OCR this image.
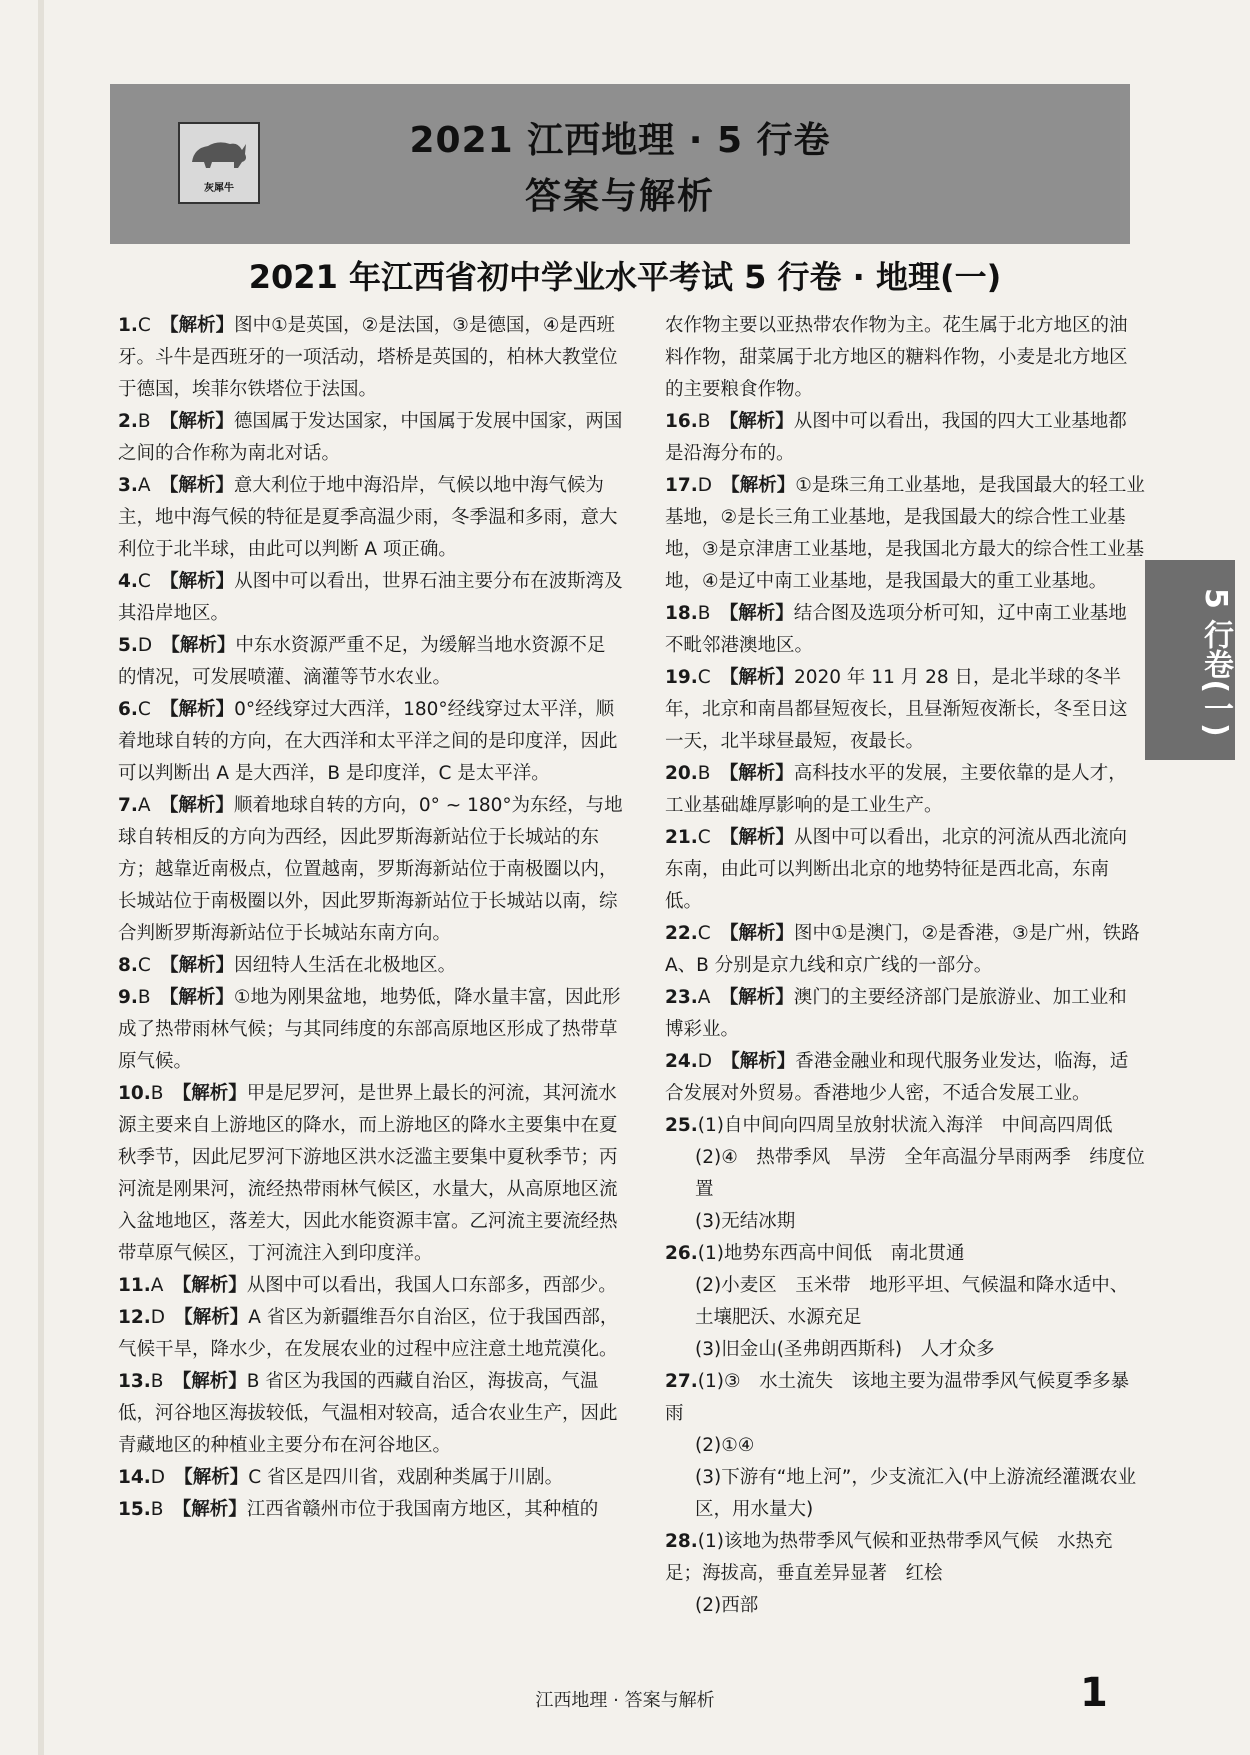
2021 江西地理 · 5 行卷
答案与解析
灰犀牛
2021 年江西省初中学业水平考试 5 行卷 · 地理(一)

1.C  【解析】图中①是英国，②是法国，③是德国，④是西班牙。斗牛是西班牙的一项活动，塔桥是英国的，柏林大教堂位于德国，埃菲尔铁塔位于法国。

2.B  【解析】德国属于发达国家，中国属于发展中国家，两国之间的合作称为南北对话。

3.A  【解析】意大利位于地中海沿岸，气候以地中海气候为主，地中海气候的特征是夏季高温少雨，冬季温和多雨，意大利位于北半球，由此可以判断 A 项正确。

4.C  【解析】从图中可以看出，世界石油主要分布在波斯湾及其沿岸地区。

5.D  【解析】中东水资源严重不足，为缓解当地水资源不足的情况，可发展喷灌、滴灌等节水农业。

6.C  【解析】0°经线穿过大西洋，180°经线穿过太平洋，顺着地球自转的方向，在大西洋和太平洋之间的是印度洋，因此可以判断出 A 是大西洋，B 是印度洋，C 是太平洋。

7.A  【解析】顺着地球自转的方向，0° ~ 180°为东经，与地球自转相反的方向为西经，因此罗斯海新站位于长城站的东方；越靠近南极点，位置越南，罗斯海新站位于南极圈以内，长城站位于南极圈以外，因此罗斯海新站位于长城站以南，综合判断罗斯海新站位于长城站东南方向。

8.C  【解析】因纽特人生活在北极地区。

9.B  【解析】①地为刚果盆地，地势低，降水量丰富，因此形成了热带雨林气候；与其同纬度的东部高原地区形成了热带草原气候。

10.B  【解析】甲是尼罗河，是世界上最长的河流，其河流水源主要来自上游地区的降水，而上游地区的降水主要集中在夏秋季节，因此尼罗河下游地区洪水泛滥主要集中夏秋季节；丙河流是刚果河，流经热带雨林气候区，水量大，从高原地区流入盆地地区，落差大，因此水能资源丰富。乙河流主要流经热带草原气候区，丁河流注入到印度洋。

11.A  【解析】从图中可以看出，我国人口东部多，西部少。

12.D  【解析】A 省区为新疆维吾尔自治区，位于我国西部，气候干旱，降水少，在发展农业的过程中应注意土地荒漠化。

13.B  【解析】B 省区为我国的西藏自治区，海拔高，气温低，河谷地区海拔较低，气温相对较高，适合农业生产，因此青藏地区的种植业主要分布在河谷地区。

14.D  【解析】C 省区是四川省，戏剧种类属于川剧。

15.B  【解析】江西省赣州市位于我国南方地区，其种植的

农作物主要以亚热带农作物为主。花生属于北方地区的油料作物，甜菜属于北方地区的糖料作物，小麦是北方地区的主要粮食作物。

16.B  【解析】从图中可以看出，我国的四大工业基地都是沿海分布的。

17.D  【解析】①是珠三角工业基地，是我国最大的轻工业基地，②是长三角工业基地，是我国最大的综合性工业基地，③是京津唐工业基地，是我国北方最大的综合性工业基地，④是辽中南工业基地，是我国最大的重工业基地。

18.B  【解析】结合图及选项分析可知，辽中南工业基地不毗邻港澳地区。

19.C  【解析】2020 年 11 月 28 日，是北半球的冬半年，北京和南昌都昼短夜长，且昼渐短夜渐长，冬至日这一天，北半球昼最短，夜最长。

20.B  【解析】高科技水平的发展，主要依靠的是人才，工业基础雄厚影响的是工业生产。

21.C  【解析】从图中可以看出，北京的河流从西北流向东南，由此可以判断出北京的地势特征是西北高，东南低。

22.C  【解析】图中①是澳门，②是香港，③是广州，铁路 A、B 分别是京九线和京广线的一部分。

23.A  【解析】澳门的主要经济部门是旅游业、加工业和博彩业。

24.D  【解析】香港金融业和现代服务业发达，临海，适合发展对外贸易。香港地少人密，不适合发展工业。

25.(1)自中间向四周呈放射状流入海洋　中间高四周低

(2)④　热带季风　旱涝　全年高温分旱雨两季　纬度位置

(3)无结冰期

26.(1)地势东西高中间低　南北贯通

(2)小麦区　玉米带　地形平坦、气候温和降水适中、土壤肥沃、水源充足

(3)旧金山(圣弗朗西斯科)　人才众多

27.(1)③　水土流失　该地主要为温带季风气候夏季多暴雨

(2)①④

(3)下游有“地上河”，少支流汇入(中上游流经灌溉农业区，用水量大)

28.(1)该地为热带季风气候和亚热带季风气候　水热充足；海拔高，垂直差异显著　红桧

(2)西部

5 行卷(一)
江西地理 · 答案与解析	1
